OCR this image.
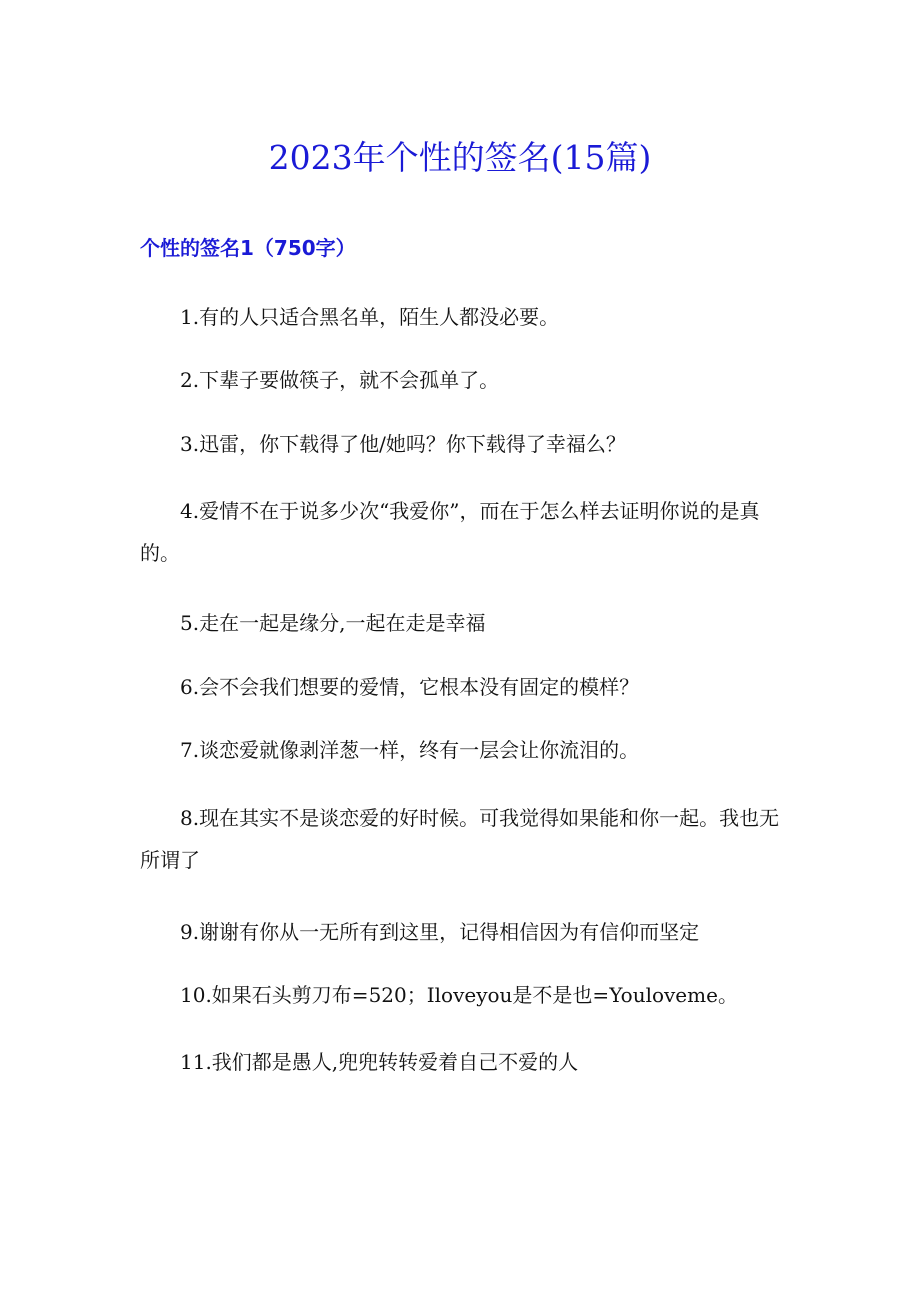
2023年个性的签名(15篇)
个性的签名1（750字）

1.有的人只适合黑名单，陌生人都没必要。

2.下辈子要做筷子，就不会孤单了。

3.迅雷，你下载得了他/她吗？你下载得了幸福么？

4.爱情不在于说多少次“我爱你”，而在于怎么样去证明你说的是真的。

5.走在一起是缘分,一起在走是幸福

6.会不会我们想要的爱情，它根本没有固定的模样？

7.谈恋爱就像剥洋葱一样，终有一层会让你流泪的。

8.现在其实不是谈恋爱的好时候。可我觉得如果能和你一起。我也无所谓了

9.谢谢有你从一无所有到这里，记得相信因为有信仰而坚定

10.如果石头剪刀布=520；Iloveyou是不是也=Youloveme。

11.我们都是愚人,兜兜转转爱着自己不爱的人
